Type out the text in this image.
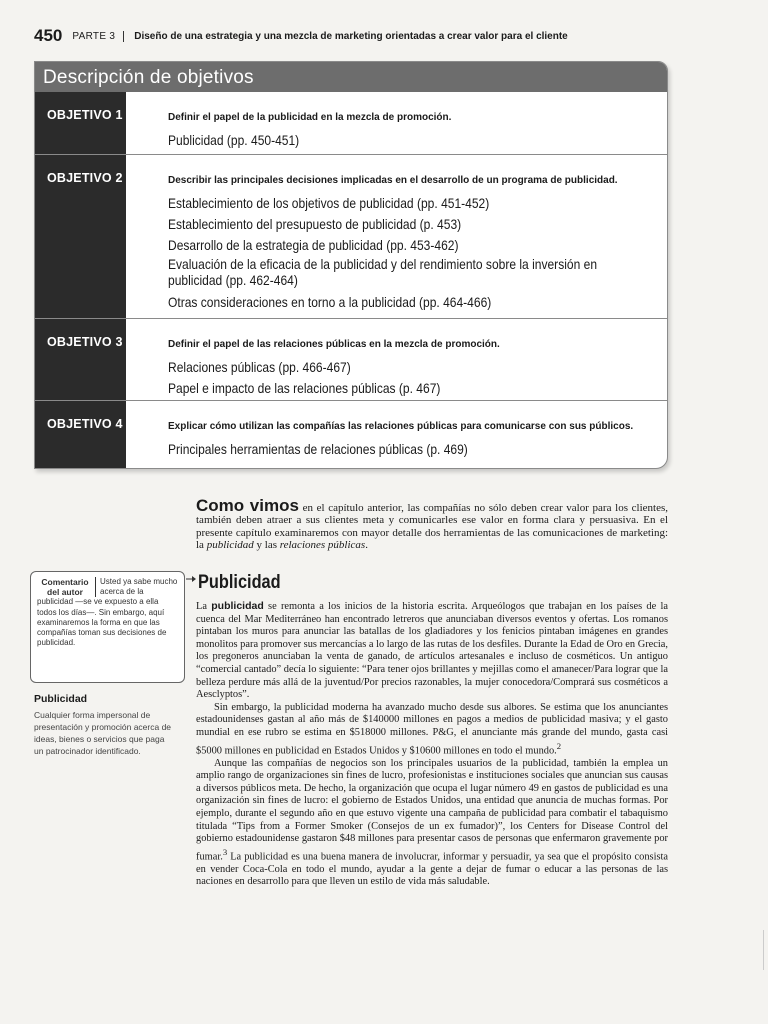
450 PARTE 3	Diseño de una estrategia y una mezcla de marketing orientadas a crear valor para el cliente
Descripción de objetivos
OBJETIVO 1	Definir el papel de la publicidad en la mezcla de promoción.
Publicidad (pp. 450-451)
OBJETIVO 2	Describir las principales decisiones implicadas en el desarrollo de un programa de publicidad.
Establecimiento de los objetivos de publicidad (pp. 451-452)
Establecimiento del presupuesto de publicidad (p. 453)
Desarrollo de la estrategia de publicidad (pp. 453-462)
Evaluación de la eficacia de la publicidad y del rendimiento sobre la inversión en publicidad (pp. 462-464)
Otras consideraciones en torno a la publicidad (pp. 464-466)
OBJETIVO 3	Definir el papel de las relaciones públicas en la mezcla de promoción.
Relaciones públicas (pp. 466-467)
Papel e impacto de las relaciones públicas (p. 467)
OBJETIVO 4	Explicar cómo utilizan las compañías las relaciones públicas para comunicarse con sus públicos.
Principales herramientas de relaciones públicas (p. 469)
Como vimos en el capítulo anterior, las compañías no sólo deben crear valor para los clientes, también deben atraer a sus clientes meta y comunicarles ese valor en forma clara y persuasiva. En el presente capítulo examinaremos con mayor detalle dos herramientas de las comunicaciones de marketing: la publicidad y las relaciones públicas.
Comentario del autor
Usted ya sabe mucho acerca de la publicidad —se ve expuesto a ella todos los días—. Sin embargo, aquí examinaremos la forma en que las compañías toman sus decisiones de publicidad.
Publicidad
Publicidad
Cualquier forma impersonal de presentación y promoción acerca de ideas, bienes o servicios que paga un patrocinador identificado.

La publicidad se remonta a los inicios de la historia escrita. Arqueólogos que trabajan en los países de la cuenca del Mar Mediterráneo han encontrado letreros que anunciaban diversos eventos y ofertas. Los romanos pintaban los muros para anunciar las batallas de los gladiadores y los fenicios pintaban imágenes en grandes monolitos para promover sus mercancías a lo largo de las rutas de los desfiles. Durante la Edad de Oro en Grecia, los pregoneros anunciaban la venta de ganado, de artículos artesanales e incluso de cosméticos. Un antiguo “comercial cantado” decía lo siguiente: “Para tener ojos brillantes y mejillas como el amanecer/Para lograr que la belleza perdure más allá de la juventud/Por precios razonables, la mujer conocedora/Comprará sus cosméticos a Aesclyptos”.

Sin embargo, la publicidad moderna ha avanzado mucho desde sus albores. Se estima que los anunciantes estadounidenses gastan al año más de $140000 millones en pagos a medios de publicidad masiva; y el gasto mundial en ese rubro se estima en $518000 millones. P&G, el anunciante más grande del mundo, gasta casi $5000 millones en publicidad en Estados Unidos y $10600 millones en todo el mundo.$^2$

Aunque las compañías de negocios son los principales usuarios de la publicidad, también la emplea un amplio rango de organizaciones sin fines de lucro, profesionistas e instituciones sociales que anuncian sus causas a diversos públicos meta. De hecho, la organización que ocupa el lugar número 49 en gastos de publicidad es una organización sin fines de lucro: el gobierno de Estados Unidos, una entidad que anuncia de muchas formas. Por ejemplo, durante el segundo año en que estuvo vigente una campaña de publicidad para combatir el tabaquismo titulada “Tips from a Former Smoker (Consejos de un ex fumador)”, los Centers for Disease Control del gobierno estadounidense gastaron $48 millones para presentar casos de personas que enfermaron gravemente por fumar.$^3$ La publicidad es una buena manera de involucrar, informar y persuadir, ya sea que el propósito consista en vender Coca-Cola en todo el mundo, ayudar a la gente a dejar de fumar o educar a las personas de las naciones en desarrollo para que lleven un estilo de vida más saludable.
